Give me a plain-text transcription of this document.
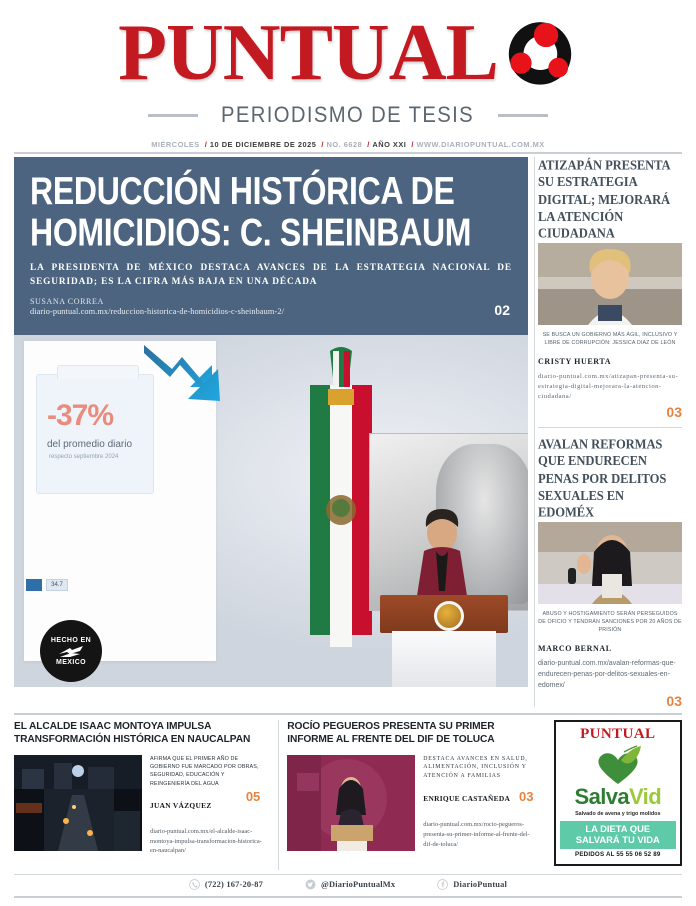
PUNTUAL
PERIODISMO DE TESIS
MIÉRCOLES  / 10 DE DICIEMBRE DE 2025  / NO. 6628  / AÑO XXI  / WWW.DIARIOPUNTUAL.COM.MX
REDUCCIÓN HISTÓRICA DE HOMICIDIOS: C. SHEINBAUM
LA PRESIDENTA DE MÉXICO DESTACA AVANCES DE LA ESTRATEGIA NACIONAL DE SEGURIDAD; ES LA CIFRA MÁS BAJA EN UNA DÉCADA
SUSANA CORREA
diario-puntual.com.mx/reduccion-historica-de-homicidios-c-sheinbaum-2/	02
-37%
del promedio diario
respecto septiembre 2024
34.7
HECHO EN
MEXICO
ATIZAPÁN PRESENTA SU ESTRATEGIA DIGITAL; MEJORARÁ LA ATENCIÓN CIUDADANA
SE BUSCA UN GOBIERNO MÁS ÁGIL, INCLUSIVO Y LIBRE DE CORRUPCIÓN: JESSICA DIAZ DE LEÓN
CRISTY HUERTA
diario-puntual.com.mx/atizapan-presenta-su-estrategia-digital-mejorara-la-atencion-ciudadana/
03
AVALAN REFORMAS QUE ENDURECEN PENAS POR DELITOS SEXUALES EN EDOMÉX
ABUSO Y HOSTIGAMIENTO SERÁN PERSEGUIDOS DE OFICIO Y TENDRÁN SANCIONES POR 20 AÑOS DE PRISIÓN
MARCO BERNAL
diario-puntual.com.mx/avalan-reformas-que-endurecen-penas-por-delitos-sexuales-en-edomex/
03
EL ALCALDE ISAAC MONTOYA IMPULSA TRANSFORMACIÓN HISTÓRICA EN NAUCALPAN
AFIRMA QUE EL PRIMER AÑO DE GOBIERNO FUE MARCADO POR OBRAS, SEGURIDAD, EDUCACIÓN Y REINGENIERÍA DEL AGUA
JUAN VÁZQUEZ
05
diario-puntual.com.mx/el-alcalde-isaac-montoya-impulsa-transformacion-historica-en-naucalpan/
ROCÍO PEGUEROS PRESENTA SU PRIMER INFORME AL FRENTE DEL DIF DE TOLUCA
DESTACA AVANCES EN SALUD, ALIMENTACIÓN, INCLUSIÓN Y ATENCIÓN A FAMILIAS
ENRIQUE CASTAÑEDA 03
diario-puntual.com.mx/rocio-pegueros-presenta-su-primer-informe-al-frente-del-dif-de-toluca/
PUNTUAL
SalvaVid
Salvado de avena y trigo molidos
LA DIETA QUE
SALVARÁ TU VIDA
PEDIDOS AL 55 55 06 52 89
(722) 167-20-87	@DiarioPuntualMx	DiarioPuntual
